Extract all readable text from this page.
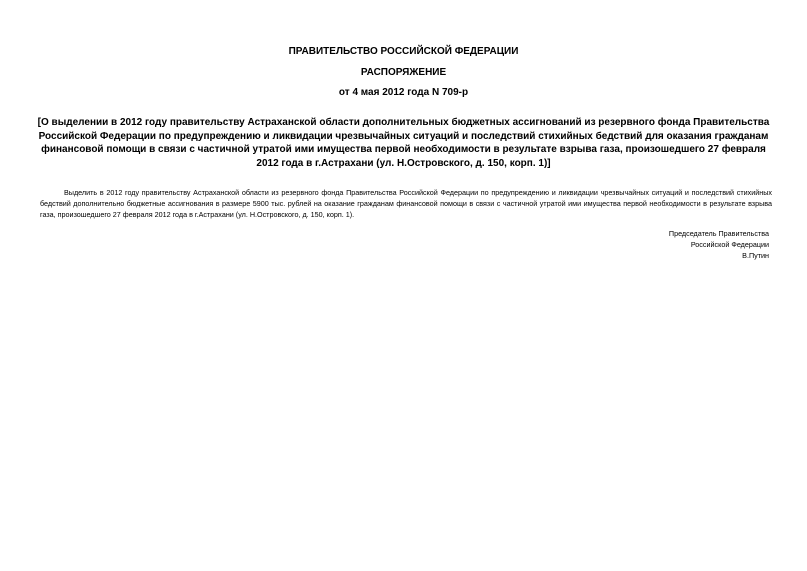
ПРАВИТЕЛЬСТВО РОССИЙСКОЙ ФЕДЕРАЦИИ

РАСПОРЯЖЕНИЕ

от 4 мая 2012 года N 709-р

[О выделении в 2012 году правительству Астраханской области дополнительных бюджетных ассигнований из резервного фонда Правительства Российской Федерации по предупреждению и ликвидации чрезвычайных ситуаций и последствий стихийных бедствий для оказания гражданам финансовой помощи в связи с частичной утратой ими имущества первой необходимости в результате взрыва газа, произошедшего 27 февраля 2012 года в г.Астрахани (ул. Н.Островского, д. 150, корп. 1)]

Выделить в 2012 году правительству Астраханской области из резервного фонда Правительства Российской Федерации по предупреждению и ликвидации чрезвычайных ситуаций и последствий стихийных бедствий дополнительно бюджетные ассигнования в размере 5900 тыс. рублей на оказание гражданам финансовой помощи в связи с частичной утратой ими имущества первой необходимости в результате взрыва газа, произошедшего 27 февраля 2012 года в г.Астрахани (ул. Н.Островского, д. 150, корп. 1).

Председатель Правительства
Российской Федерации
В.Путин
